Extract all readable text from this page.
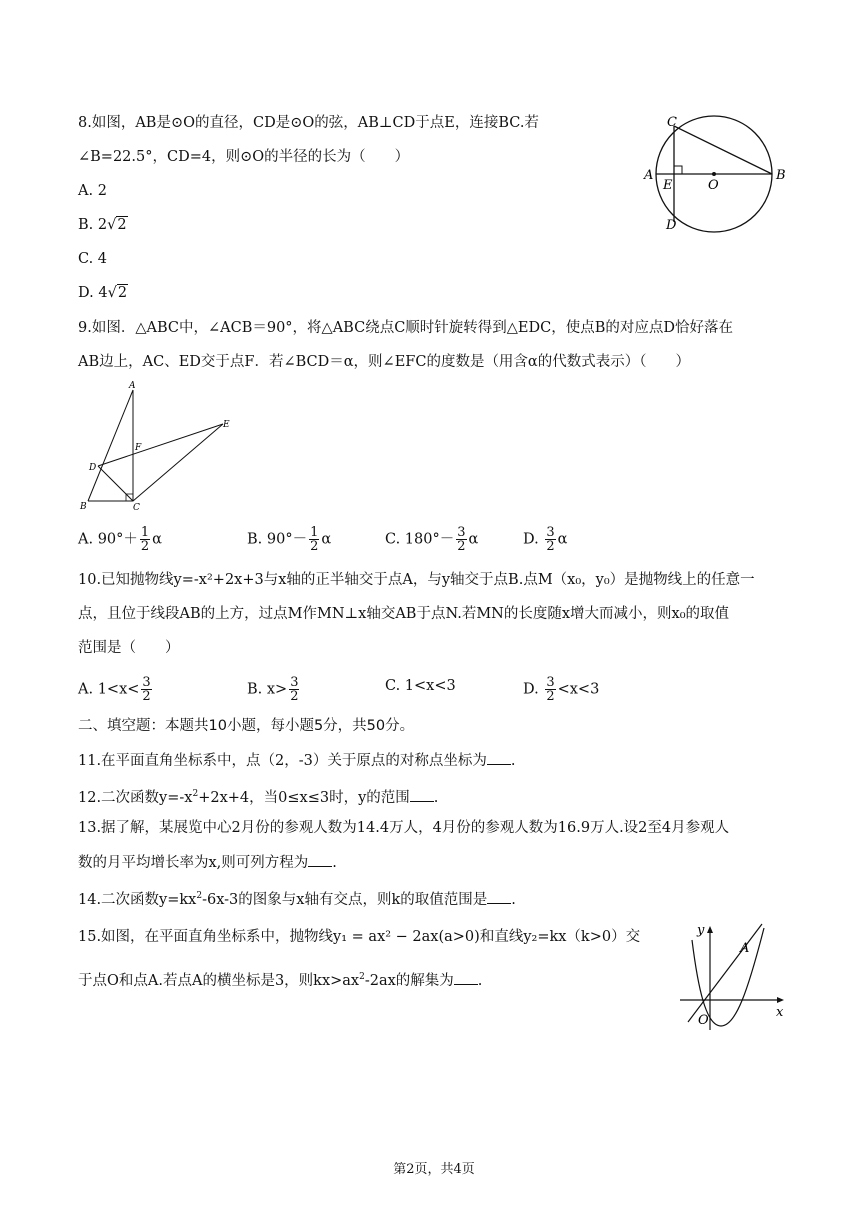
8.如图，AB是⊙O的直径，CD是⊙O的弦，AB⊥CD于点E，连接BC.若
∠B=22.5°，CD=4，则⊙O的半径的长为（　　）
A. 2
B. 2√2
C. 4
D. 4√2
C
A
E	O
B
D
9.如图．△ABC中，∠ACB＝90°，将△ABC绕点C顺时针旋转得到△EDC，使点B的对应点D恰好落在
AB边上，AC、ED交于点F．若∠BCD＝α，则∠EFC的度数是（用含α的代数式表示）（　　）
A
E
F
D
B	C
A. $90^\circ+ \frac{1}{2}$ α	B. $90^\circ- \frac{1}{2}$ α	C. $180^\circ- \frac{3}{2}$ α	D. $\frac{3}{2}$ α
10.已知抛物线y=-x²+2x+3与x轴的正半轴交于点A，与y轴交于点B.点M（x₀，y₀）是抛物线上的任意一
点，且位于线段AB的上方，过点M作MN⊥x轴交AB于点N.若MN的长度随x增大而减小，则x₀的取值
范围是（　　）
A. $1<x< \frac{3}{2}$	B. $x> \frac{3}{2}$	C. 1<x<3	D. $\frac{3}{2} <x<3$
二、填空题：本题共10小题，每小题5分，共50分。
11.在平面直角坐标系中，点（2，-3）关于原点的对称点坐标为 .
12.二次函数$y=-x^2+2x+4$，当0≤x≤3时，y的范围 .
13.据了解，某展览中心2月份的参观人数为14.4万人，4月份的参观人数为16.9万人.设2至4月参观人
数的月平均增长率为x,则可列方程为 .
14.二次函数$y=kx^2-6x-3$的图象与x轴有交点，则k的取值范围是 .
15.如图，在平面直角坐标系中，抛物线y₁ = ax² − 2ax(a>0)和直线y₂=kx（k>0）交
于点O和点A.若点A的横坐标是3，则$kx>ax^2-2ax$的解集为 .
y
x
O
A
第2页，共4页
